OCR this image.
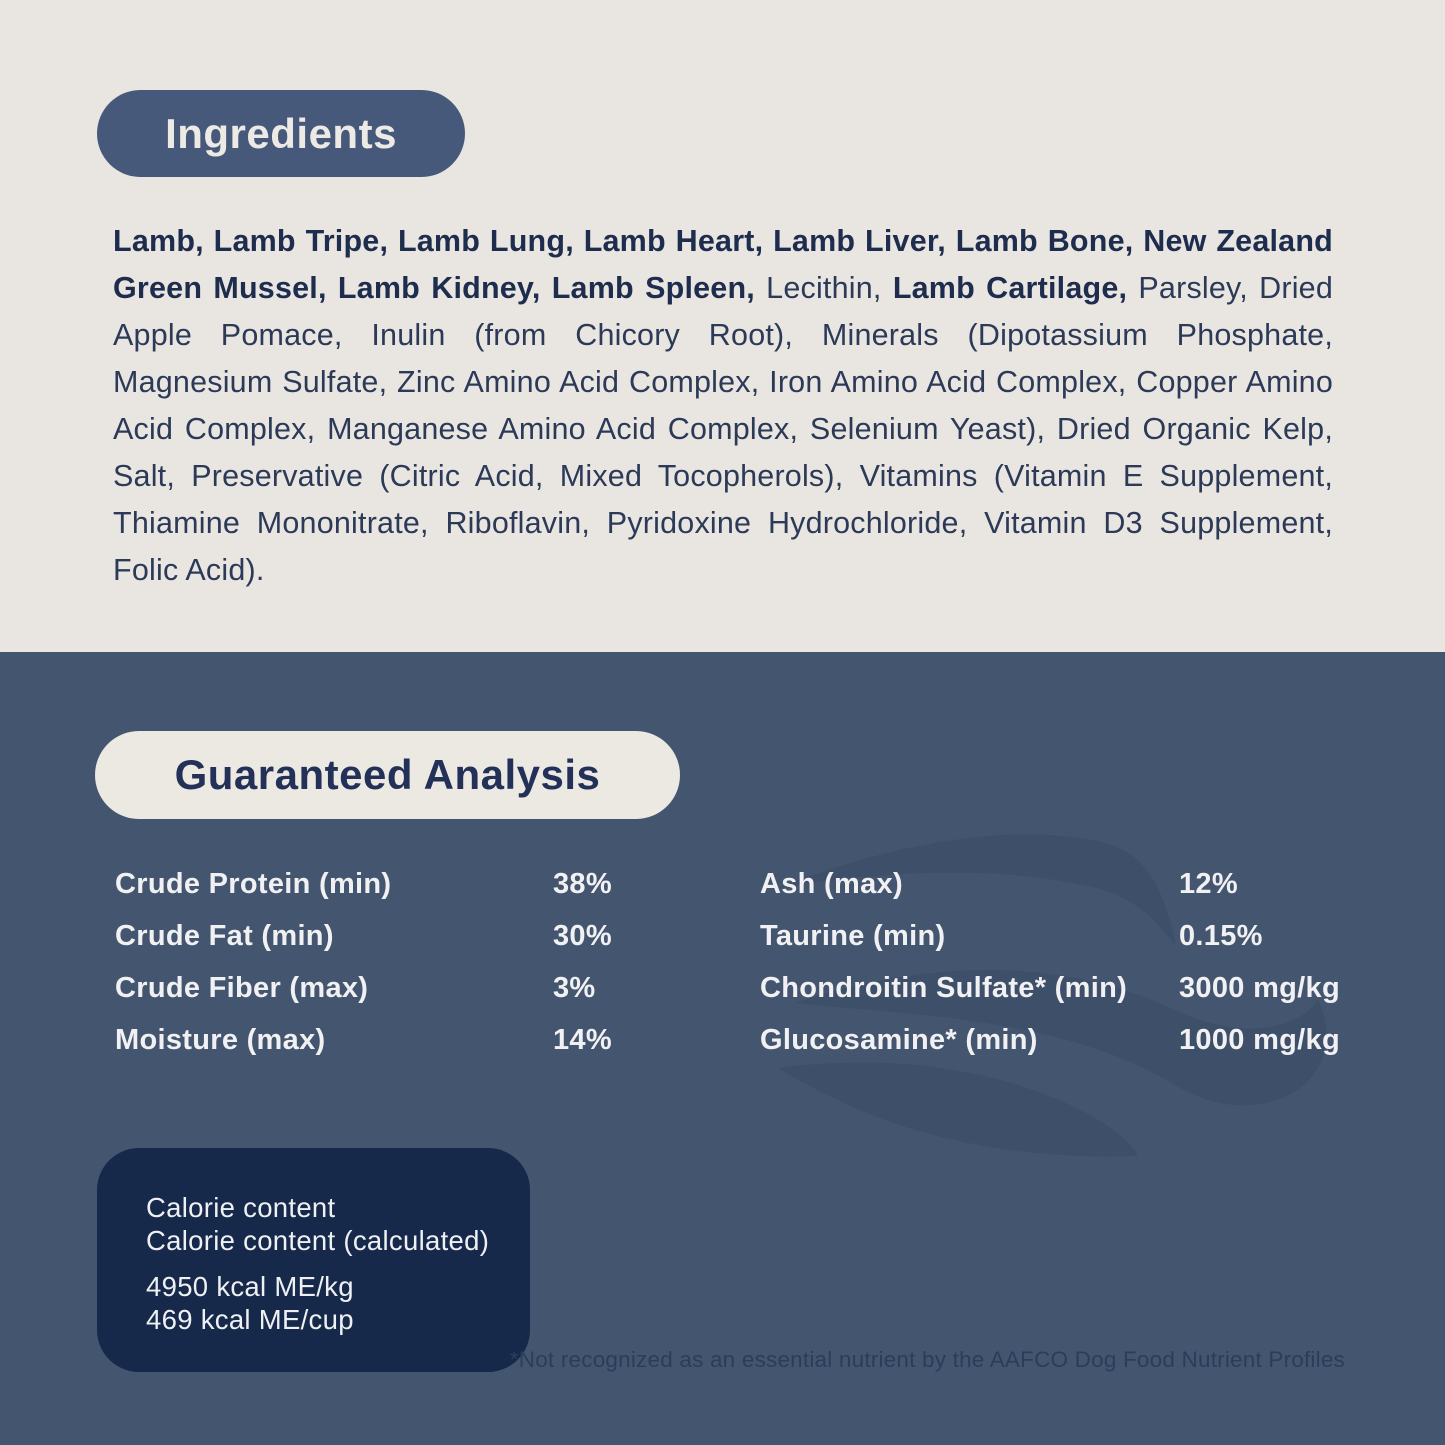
Ingredients

Lamb, Lamb Tripe, Lamb Lung, Lamb Heart, Lamb Liver, Lamb Bone, New Zealand Green Mussel, Lamb Kidney, Lamb Spleen, Lecithin, Lamb Cartilage, Parsley, Dried Apple Pomace, Inulin (from Chicory Root), Minerals (Dipotassium Phosphate, Magnesium Sulfate, Zinc Amino Acid Complex, Iron Amino Acid Complex, Copper Amino Acid Complex, Manganese Amino Acid Complex, Selenium Yeast), Dried Organic Kelp, Salt, Preservative (Citric Acid, Mixed Tocopherols), Vitamins (Vitamin E Supplement, Thiamine Mononitrate, Riboflavin, Pyridoxine Hydrochloride, Vitamin D3 Supplement, Folic Acid).

Guaranteed Analysis
Crude Protein (min)	38%
Crude Fat (min)	30%
Crude Fiber (max)	3%
Moisture (max)	14%
Ash (max)	12%
Taurine (min)	0.15%
Chondroitin Sulfate* (min) 3000 mg/kg
Glucosamine* (min)	1000 mg/kg

Calorie content
Calorie content (calculated)

4950 kcal ME/kg
469 kcal ME/cup

*Not recognized as an essential nutrient by the AAFCO Dog Food Nutrient Profiles
